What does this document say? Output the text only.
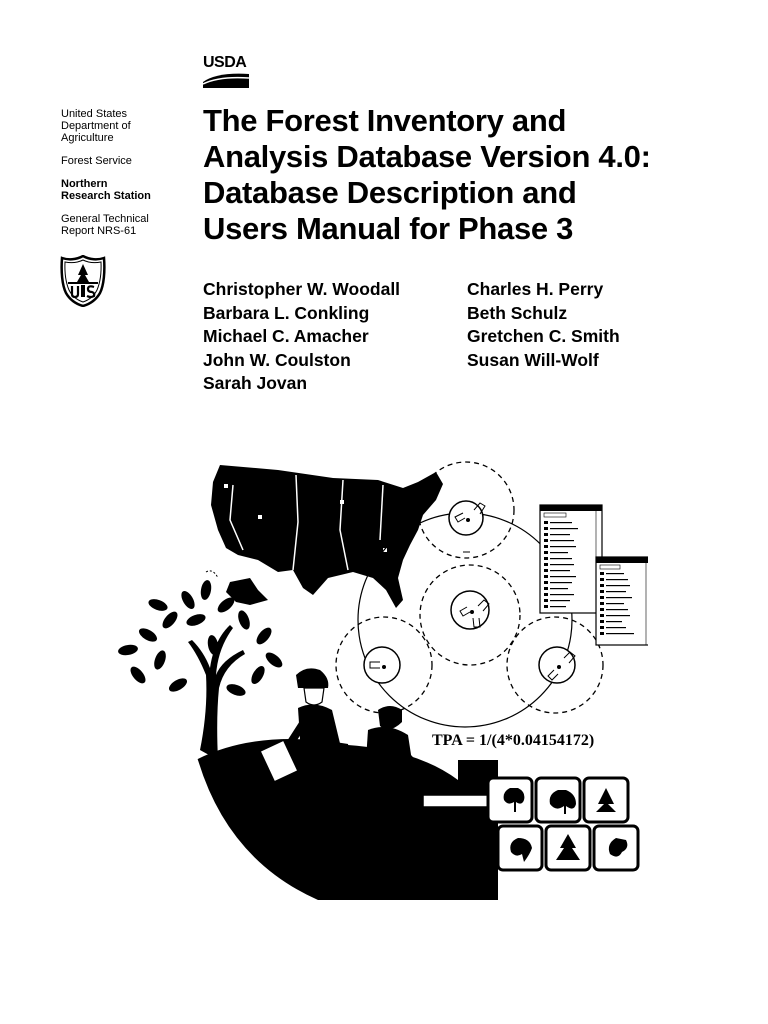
USDA
United States
Department of
Agriculture
Forest Service
Northern
Research Station
General Technical
Report NRS-61
The Forest Inventory and
Analysis Database Version 4.0:
Database Description and
Users Manual for Phase 3
Christopher W. Woodall
Barbara L. Conkling
Michael C. Amacher
John W. Coulston
Sarah Jovan
Charles H. Perry
Beth Schulz
Gretchen C. Smith
Susan Will-Wolf
TPA = 1/(4*0.04154172)
